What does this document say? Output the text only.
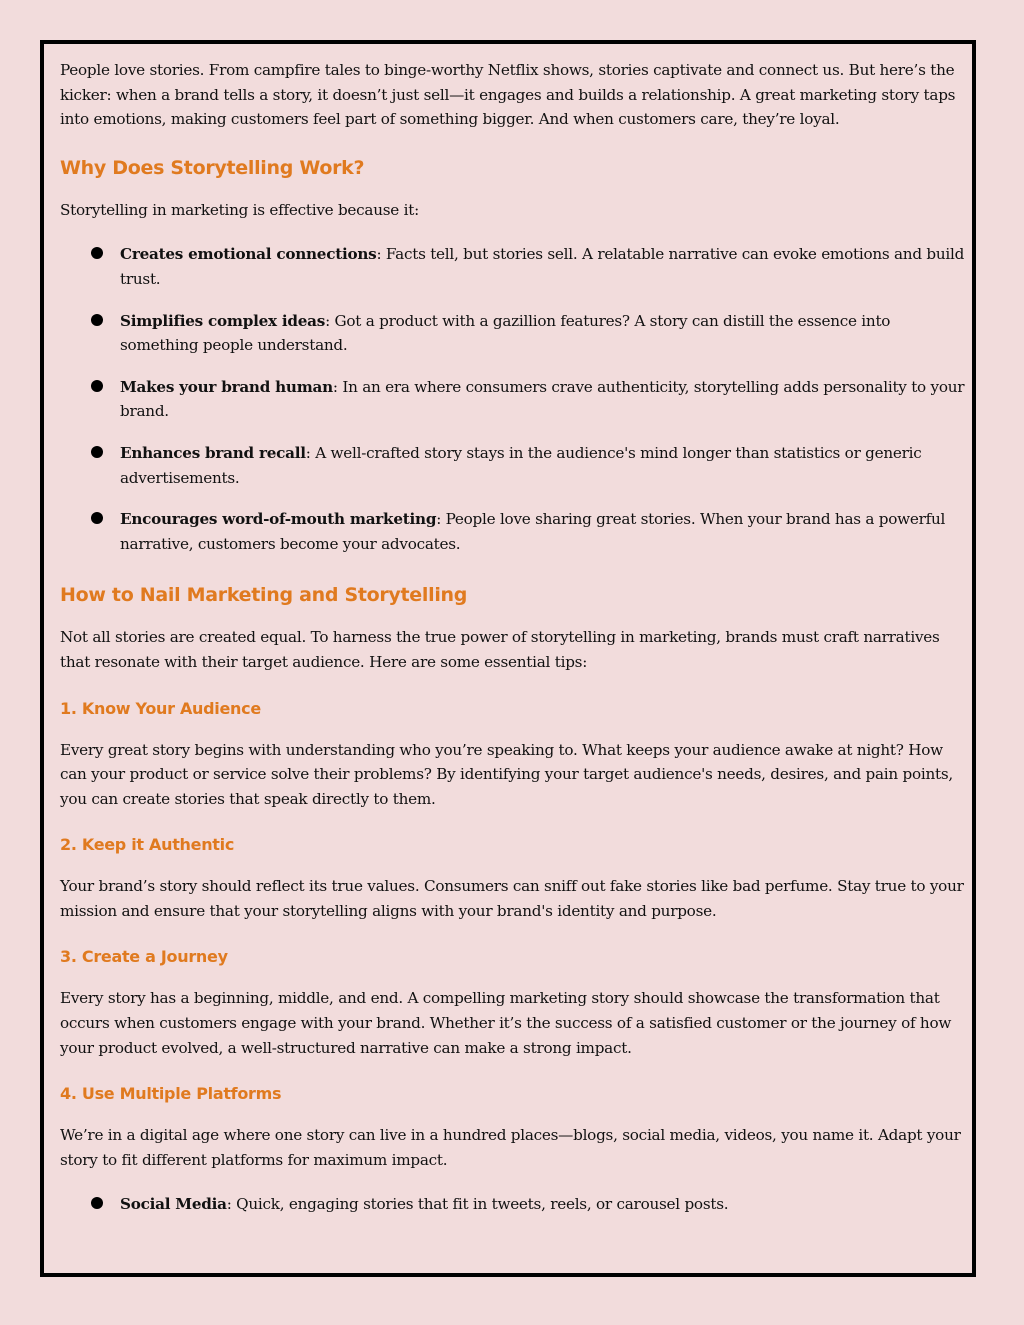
People love stories. From campfire tales to binge-worthy Netflix shows, stories captivate and connect us. But here’s the kicker: when a brand tells a story, it doesn’t just sell—it engages and builds a relationship. A great marketing story taps into emotions, making customers feel part of something bigger. And when customers care, they’re loyal.

Why Does Storytelling Work?

Storytelling in marketing is effective because it:

Creates emotional connections: Facts tell, but stories sell. A relatable narrative can evoke emotions and build trust.
Simplifies complex ideas: Got a product with a gazillion features? A story can distill the essence into something people understand.
Makes your brand human: In an era where consumers crave authenticity, storytelling adds personality to your brand.
Enhances brand recall: A well-crafted story stays in the audience's mind longer than statistics or generic advertisements.
Encourages word-of-mouth marketing: People love sharing great stories. When your brand has a powerful narrative, customers become your advocates.
How to Nail Marketing and Storytelling

Not all stories are created equal. To harness the true power of storytelling in marketing, brands must craft narratives that resonate with their target audience. Here are some essential tips:

1. Know Your Audience

Every great story begins with understanding who you’re speaking to. What keeps your audience awake at night? How can your product or service solve their problems? By identifying your target audience's needs, desires, and pain points, you can create stories that speak directly to them.

2. Keep it Authentic

Your brand’s story should reflect its true values. Consumers can sniff out fake stories like bad perfume. Stay true to your mission and ensure that your storytelling aligns with your brand's identity and purpose.

3. Create a Journey

Every story has a beginning, middle, and end. A compelling marketing story should showcase the transformation that occurs when customers engage with your brand. Whether it’s the success of a satisfied customer or the journey of how your product evolved, a well-structured narrative can make a strong impact.

4. Use Multiple Platforms

We’re in a digital age where one story can live in a hundred places—blogs, social media, videos, you name it. Adapt your story to fit different platforms for maximum impact.

Social Media: Quick, engaging stories that fit in tweets, reels, or carousel posts.
